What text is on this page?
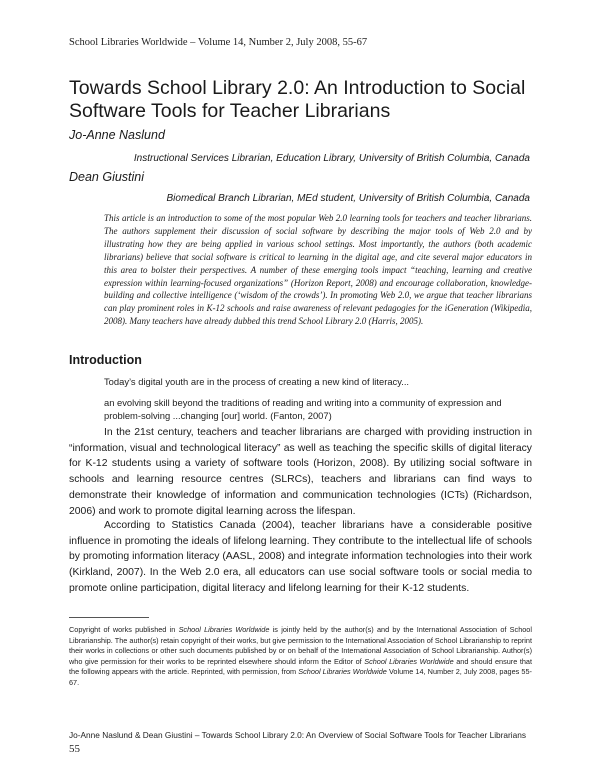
School Libraries Worldwide – Volume 14, Number 2, July 2008, 55-67
Towards School Library 2.0: An Introduction to Social Software Tools for Teacher Librarians
Jo-Anne Naslund
Instructional Services Librarian, Education Library, University of British Columbia, Canada
Dean Giustini
Biomedical Branch Librarian, MEd student, University of British Columbia, Canada

This article is an introduction to some of the most popular Web 2.0 learning tools for teachers and teacher librarians. The authors supplement their discussion of social software by describing the major tools of Web 2.0 and by illustrating how they are being applied in various school settings. Most importantly, the authors (both academic librarians) believe that social software is critical to learning in the digital age, and cite several major educators in this area to bolster their perspectives. A number of these emerging tools impact “teaching, learning and creative expression within learning-focused organizations” (Horizon Report, 2008) and encourage collaboration, knowledge-building and collective intelligence (‘wisdom of the crowds’). In promoting Web 2.0, we argue that teacher librarians can play prominent roles in K-12 schools and raise awareness of relevant pedagogies for the iGeneration (Wikipedia, 2008). Many teachers have already dubbed this trend School Library 2.0 (Harris, 2005).

Introduction

Today’s digital youth are in the process of creating a new kind of literacy...

an evolving skill beyond the traditions of reading and writing into a community of expression and problem-solving ...changing [our] world. (Fanton, 2007)

In the 21st century, teachers and teacher librarians are charged with providing instruction in “information, visual and technological literacy” as well as teaching the specific skills of digital literacy for K-12 students using a variety of software tools (Horizon, 2008). By utilizing social software in schools and learning resource centres (SLRCs), teachers and librarians can find ways to demonstrate their knowledge of information and communication technologies (ICTs) (Richardson, 2006) and work to promote digital learning across the lifespan.

According to Statistics Canada (2004), teacher librarians have a considerable positive influence in promoting the ideals of lifelong learning. They contribute to the intellectual life of schools by promoting information literacy (AASL, 2008) and integrate information technologies into their work (Kirkland, 2007). In the Web 2.0 era, all educators can use social software tools or social media to promote online participation, digital literacy and lifelong learning for their K-12 students.

Copyright of works published in School Libraries Worldwide is jointly held by the author(s) and by the International Association of School Librarianship. The author(s) retain copyright of their works, but give permission to the International Association of School Librarianship to reprint their works in collections or other such documents published by or on behalf of the International Association of School Librarianship. Author(s) who give permission for their works to be reprinted elsewhere should inform the Editor of School Libraries Worldwide and should ensure that the following appears with the article. Reprinted, with permission, from School Libraries Worldwide Volume 14, Number 2, July 2008, pages 55-67.

Jo-Anne Naslund & Dean Giustini – Towards School Library 2.0: An Overview of Social Software Tools for Teacher Librarians
55
